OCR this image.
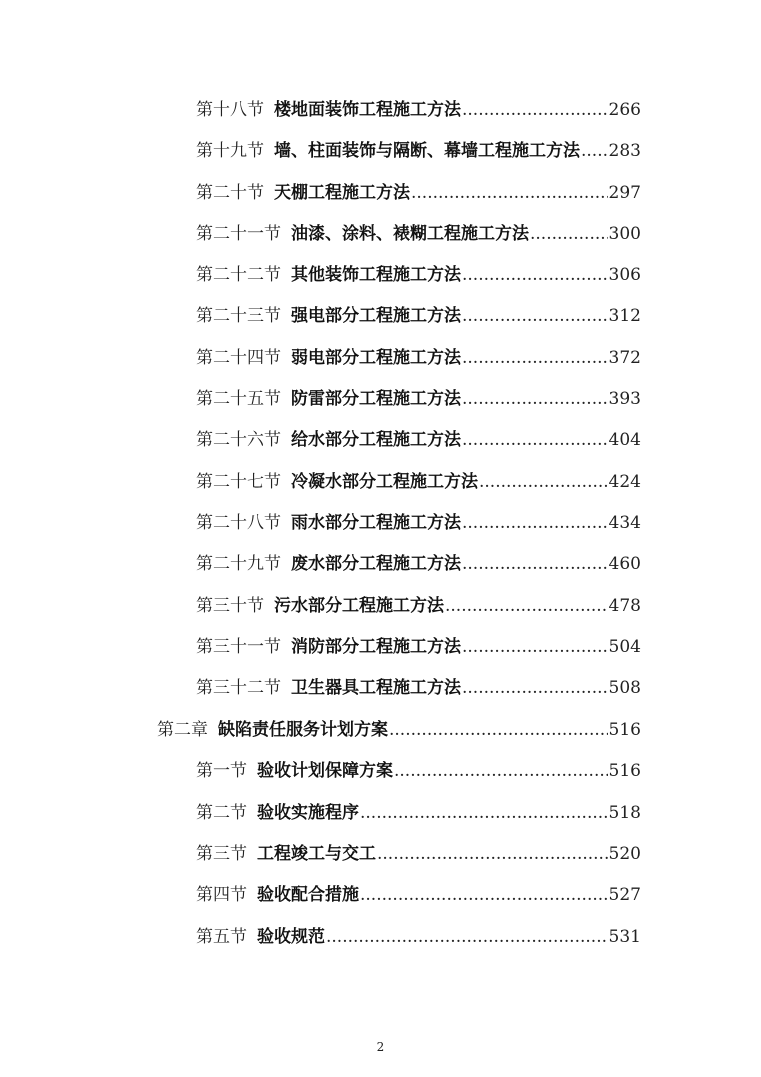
第十八节 楼地面装饰工程施工方法 .....	266
第十九节 墙、柱面装饰与隔断、幕墙工程施工方法 ..... 283
第二十节 天棚工程施工方法 .....	297
第二十一节 油漆、涂料、裱糊工程施工方法 .....	300
第二十二节 其他装饰工程施工方法 .....	306
第二十三节 强电部分工程施工方法 .....	312
第二十四节 弱电部分工程施工方法 .....	372
第二十五节 防雷部分工程施工方法 .....	393
第二十六节 给水部分工程施工方法 .....	404
第二十七节 冷凝水部分工程施工方法 .....	424
第二十八节 雨水部分工程施工方法 .....	434
第二十九节 废水部分工程施工方法 .....	460
第三十节 污水部分工程施工方法 .....	478
第三十一节 消防部分工程施工方法 .....	504
第三十二节 卫生器具工程施工方法 .....	508
第二章 缺陷责任服务计划方案 .....	516
第一节 验收计划保障方案 .....	516
第二节 验收实施程序 .....	518
第三节 工程竣工与交工 .....	520
第四节 验收配合措施 .....	527
第五节 验收规范 .....	531
2
